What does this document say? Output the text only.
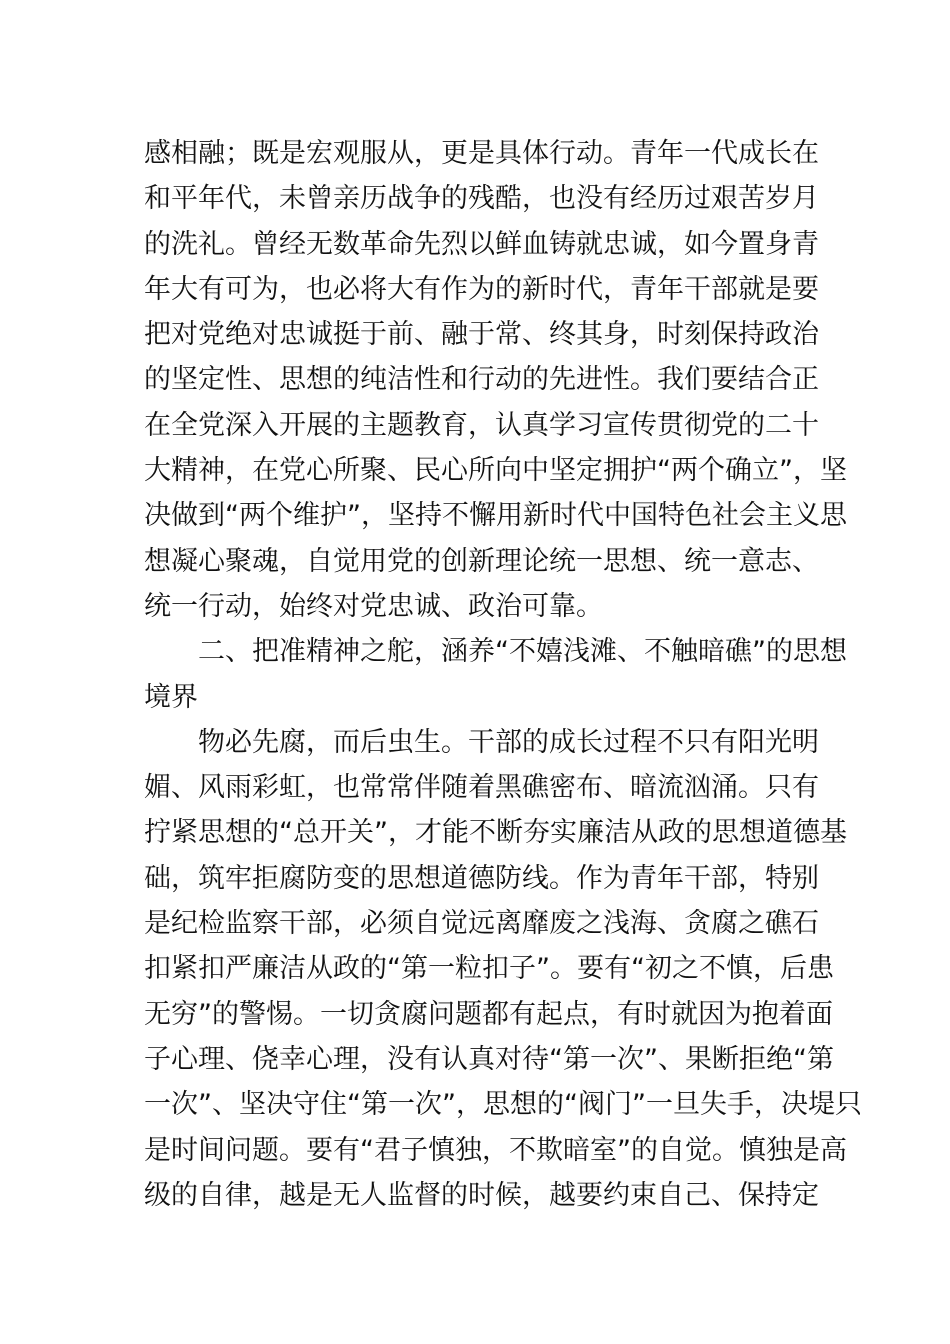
感相融；既是宏观服从，更是具体行动。青年一代成长在
和平年代，未曾亲历战争的残酷，也没有经历过艰苦岁月
的洗礼。曾经无数革命先烈以鲜血铸就忠诚，如今置身青
年大有可为，也必将大有作为的新时代，青年干部就是要
把对党绝对忠诚挺于前、融于常、终其身，时刻保持政治
的坚定性、思想的纯洁性和行动的先进性。我们要结合正
在全党深入开展的主题教育，认真学习宣传贯彻党的二十
大精神，在党心所聚、民心所向中坚定拥护“两个确立”，坚
决做到“两个维护”，坚持不懈用新时代中国特色社会主义思
想凝心聚魂，自觉用党的创新理论统一思想、统一意志、
统一行动，始终对党忠诚、政治可靠。
二、把准精神之舵，涵养“不嬉浅滩、不触暗礁”的思想
境界
物必先腐，而后虫生。干部的成长过程不只有阳光明
媚、风雨彩虹，也常常伴随着黑礁密布、暗流汹涌。只有
拧紧思想的“总开关”，才能不断夯实廉洁从政的思想道德基
础，筑牢拒腐防变的思想道德防线。作为青年干部，特别
是纪检监察干部，必须自觉远离靡废之浅海、贪腐之礁石
扣紧扣严廉洁从政的“第一粒扣子”。要有“初之不慎，后患
无穷”的警惕。一切贪腐问题都有起点，有时就因为抱着面
子心理、侥幸心理，没有认真对待“第一次”、果断拒绝“第
一次”、坚决守住“第一次”，思想的“阀门”一旦失手，决堤只
是时间问题。要有“君子慎独，不欺暗室”的自觉。慎独是高
级的自律，越是无人监督的时候，越要约束自己、保持定
